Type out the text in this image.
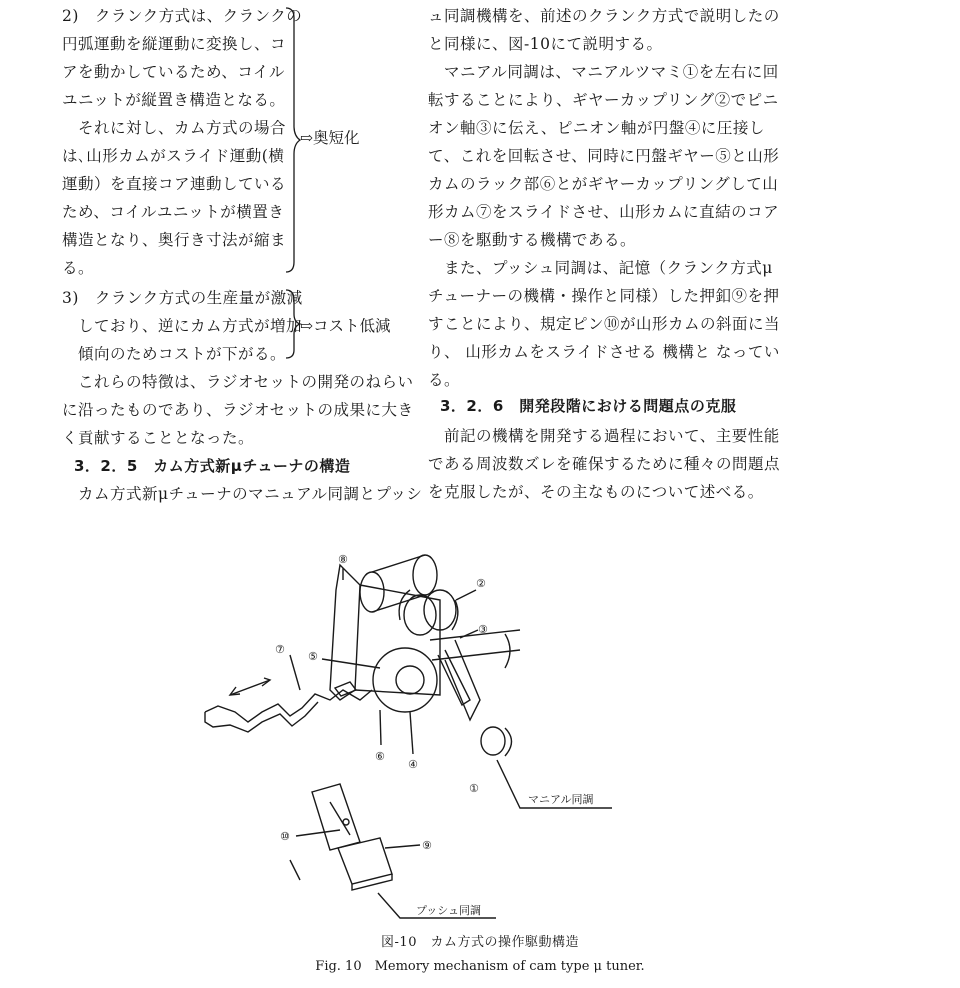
2)　クランク方式は、クランクの
円弧運動を縦運動に変換し、コ
アを動かしているため、コイル
ユニットが縦置き構造となる。
　それに対し、カム方式の場合
は､山形カムがスライド運動(横
運動）を直接コア連動している
ため、コイルユニットが横置き
構造となり、奥行き寸法が縮ま
る。
⇨奥短化
3)　クランク方式の生産量が激減
　しており、逆にカム方式が増加
　傾向のためコストが下がる。
⇨コスト低減
　これらの特徴は、ラジオセットの開発のねらい
に沿ったものであり、ラジオセットの成果に大き
く貢献することとなった。
3．2．5　カム方式新μチューナの構造
　カム方式新μチューナのマニュアル同調とプッシ
ュ同調機構を、前述のクランク方式で説明したの
と同様に、図-10にて説明する。
　マニアル同調は、マニアルツマミ①を左右に回
転することにより、ギヤーカップリング②でピニ
オン軸③に伝え、ピニオン軸が円盤④に圧接し
て、これを回転させ、同時に円盤ギヤー⑤と山形
カムのラック部⑥とがギヤーカップリングして山
形カム⑦をスライドさせ、山形カムに直結のコア
ー⑧を駆動する機構である。
　また、プッシュ同調は、記憶（クランク方式μ
チューナーの機構・操作と同様）した押釦⑨を押
すことにより、規定ピン⑩が山形カムの斜面に当
り、 山形カムをスライドさせる 機構と なってい
る。
3．2．6　開発段階における問題点の克服
　前記の機構を開発する過程において、主要性能
である周波数ズレを確保するために種々の問題点
を克服したが、その主なものについて述べる。
⑧
②
③
⑦
⑤
⑥
④
①
⑩
⑨
マニアル同調
プッシュ同調
図-10　カム方式の操作駆動構造
Fig. 10　Memory mechanism of cam type μ tuner.
